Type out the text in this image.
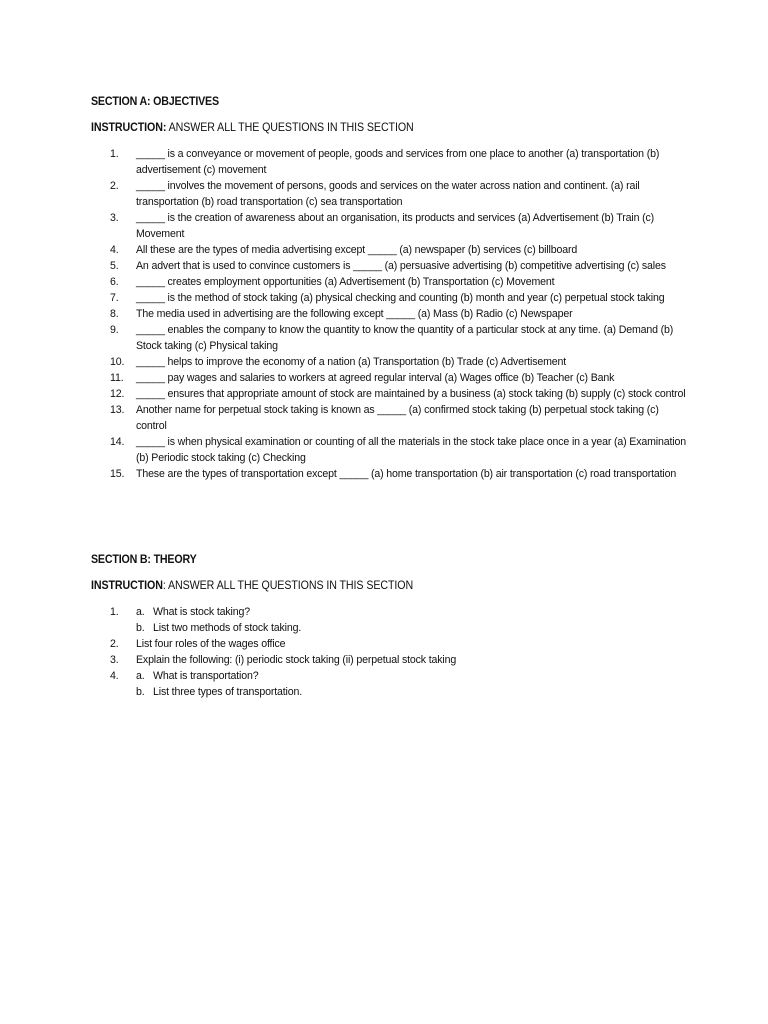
SECTION A: OBJECTIVES
INSTRUCTION: ANSWER ALL THE QUESTIONS IN THIS SECTION
1. _____ is a conveyance or movement of people, goods and services from one place to another (a) transportation (b) advertisement (c) movement
2. _____ involves the movement of persons, goods and services on the water across nation and continent. (a) rail transportation (b) road transportation (c) sea transportation
3. _____ is the creation of awareness about an organisation, its products and services (a) Advertisement (b) Train (c) Movement
4. All these are the types of media advertising except _____ (a) newspaper (b) services (c) billboard
5. An advert that is used to convince customers is _____ (a) persuasive advertising (b) competitive advertising (c) sales
6. _____ creates employment opportunities (a) Advertisement (b) Transportation (c) Movement
7. _____ is the method of stock taking (a) physical checking and counting (b) month and year (c) perpetual stock taking
8. The media used in advertising are the following except _____ (a) Mass (b) Radio (c) Newspaper
9. _____ enables the company to know the quantity to know the quantity of a particular stock at any time. (a) Demand (b) Stock taking (c) Physical taking
10. _____ helps to improve the economy of a nation (a) Transportation (b) Trade (c) Advertisement
11. _____ pay wages and salaries to workers at agreed regular interval (a) Wages office (b) Teacher (c) Bank
12. _____ ensures that appropriate amount of stock are maintained by a business (a) stock taking (b) supply (c) stock control
13. Another name for perpetual stock taking is known as _____ (a) confirmed stock taking (b) perpetual stock taking (c) control
14. _____ is when physical examination or counting of all the materials in the stock take place once in a year (a) Examination (b) Periodic stock taking (c) Checking
15. These are the types of transportation except _____ (a) home transportation (b) air transportation (c) road transportation
SECTION B: THEORY
INSTRUCTION: ANSWER ALL THE QUESTIONS IN THIS SECTION
1. a. What is stock taking?
b. List two methods of stock taking.
2. List four roles of the wages office
3. Explain the following: (i) periodic stock taking (ii) perpetual stock taking
4. a. What is transportation?
b. List three types of transportation.
